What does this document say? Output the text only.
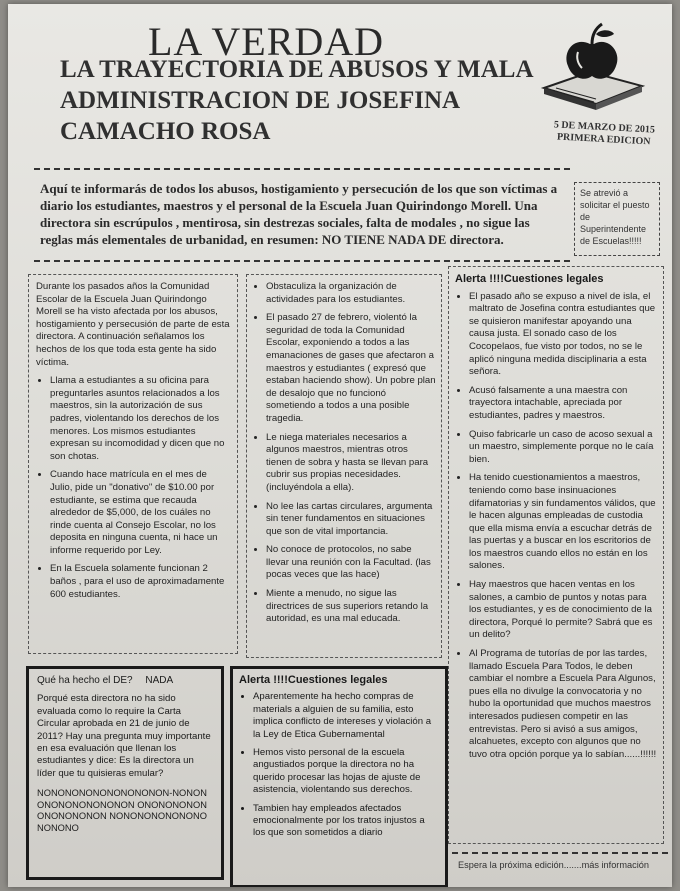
LA VERDAD
LA TRAYECTORIA DE ABUSOS Y MALA ADMINISTRACION DE JOSEFINA CAMACHO ROSA	5 DE MARZO DE 2015
PRIMERA EDICION
Aquí te informarás de todos los abusos, hostigamiento y persecución de los que son víctimas a diario los estudiantes, maestros y el personal de la Escuela Juan Quirindongo Morell. Una directora sin escrúpulos , mentirosa, sin destrezas sociales, falta de modales , no sigue las reglas más elementales de urbanidad, en resumen: NO TIENE NADA DE directora.
Se atrevió a solicitar el puesto de Superintendente de Escuelas!!!!!

Durante los pasados años la Comunidad Escolar de la Escuela Juan Quirindongo Morell se ha visto afectada por los abusos, hostigamiento y persecusión de parte de esta directora. A continuación señalamos los hechos de los que toda esta gente ha sido víctima.

• Llama a estudiantes a su oficina para preguntarles asuntos relacionados a los maestros, sin la autorización de sus padres, violentando los derechos de los menores. Los mismos estudiantes expresan su incomodidad y dicen que no son chotas.
• Cuando hace matrícula en el mes de Julio, pide un "donativo" de $10.00 por estudiante, se estima que recauda alrededor de $5,000, de los cuáles no rinde cuenta al Consejo Escolar, no los deposita en ninguna cuenta, ni hace un informe requerido por Ley.
• En la Escuela solamente funcionan 2 baños , para el uso de aproximadamente 600 estudiantes.
• Obstaculiza la organización de actividades para los estudiantes.
• El pasado 27 de febrero, violentó la seguridad de toda la Comunidad Escolar, exponiendo a todos a las emanaciones de gases que afectaron a maestros y estudiantes ( expresó que estaban haciendo show). Un pobre plan de desalojo que no funcionó sometiendo a todos a una posible tragedia.
• Le niega materiales necesarios a algunos maestros, mientras otros tienen de sobra y hasta se llevan para cubrir sus propias necesidades. (incluyéndola a ella).
• No lee las cartas circulares, argumenta sin tener fundamentos en situaciones que son de vital importancia.
• No conoce de protocolos, no sabe llevar una reunión con la Facultad. (las pocas veces que las hace)
• Miente a menudo, no sigue las directrices de sus superiors retando la autoridad, es una mal educada.
Alerta !!!!Cuestiones legales
• El pasado año se expuso a nivel de isla, el maltrato de Josefina contra estudiantes que se quisieron manifestar apoyando una causa justa. El sonado caso de los Cocopelaos, fue visto por todos, no se le aplicó ninguna medida disciplinaria a esta señora.
• Acusó falsamente a una maestra con trayectora intachable, apreciada por estudiantes, padres y maestros.
• Quiso fabricarle un caso de acoso sexual a un maestro, simplemente porque no le caía bien.
• Ha tenido cuestionamientos a maestros, teniendo como base insinuaciones difamatorias y sin fundamentos válidos, que le hacen algunas empleadas de custodia que ella misma envía a escuchar detrás de las puertas y a buscar en los escritorios de los maestros cuando ellos no están en los salones.
• Hay maestros que hacen ventas en los salones, a cambio de puntos y notas para los estudiantes, y es de conocimiento de la directora, Porqué lo permite? Sabrá que es un delito?
• Al Programa de tutorías de por las tardes, llamado Escuela Para Todos, le deben cambiar el nombre a Escuela Para Algunos, pues ella no divulge la convocatoria y no hubo la oportunidad que muchos maestros interesados pudiesen competir en las entrevistas. Pero si avisó a sus amigos, alcahuetes, excepto con algunos que no tuvo otra opción porque ya lo sabían......!!!!!!
Qué ha hecho el DE? NADA
Porqué esta directora no ha sido evaluada como lo require la Carta Circular aprobada en 21 de junio de 2011? Hay una pregunta muy importante en esa evaluación que llenan los estudiantes y dice: Es la directora un líder que tu quisieras emular?
NONONONONONONONONON-NONONONONONONONONON ONONONONONONONONONON NONONONONONONONONONO
Alerta !!!!Cuestiones legales
• Aparentemente ha hecho compras de materials a alguien de su familia, esto implica conflicto de intereses y violación a la Ley de Etica Gubernamental
• Hemos visto personal de la escuela angustiados porque la directora no ha querido procesar las hojas de ajuste de asistencia, violentando sus derechos.
• Tambien hay empleados afectados emocionalmente por los tratos injustos a los que son sometidos a diario
Espera la próxima edición.......más información
